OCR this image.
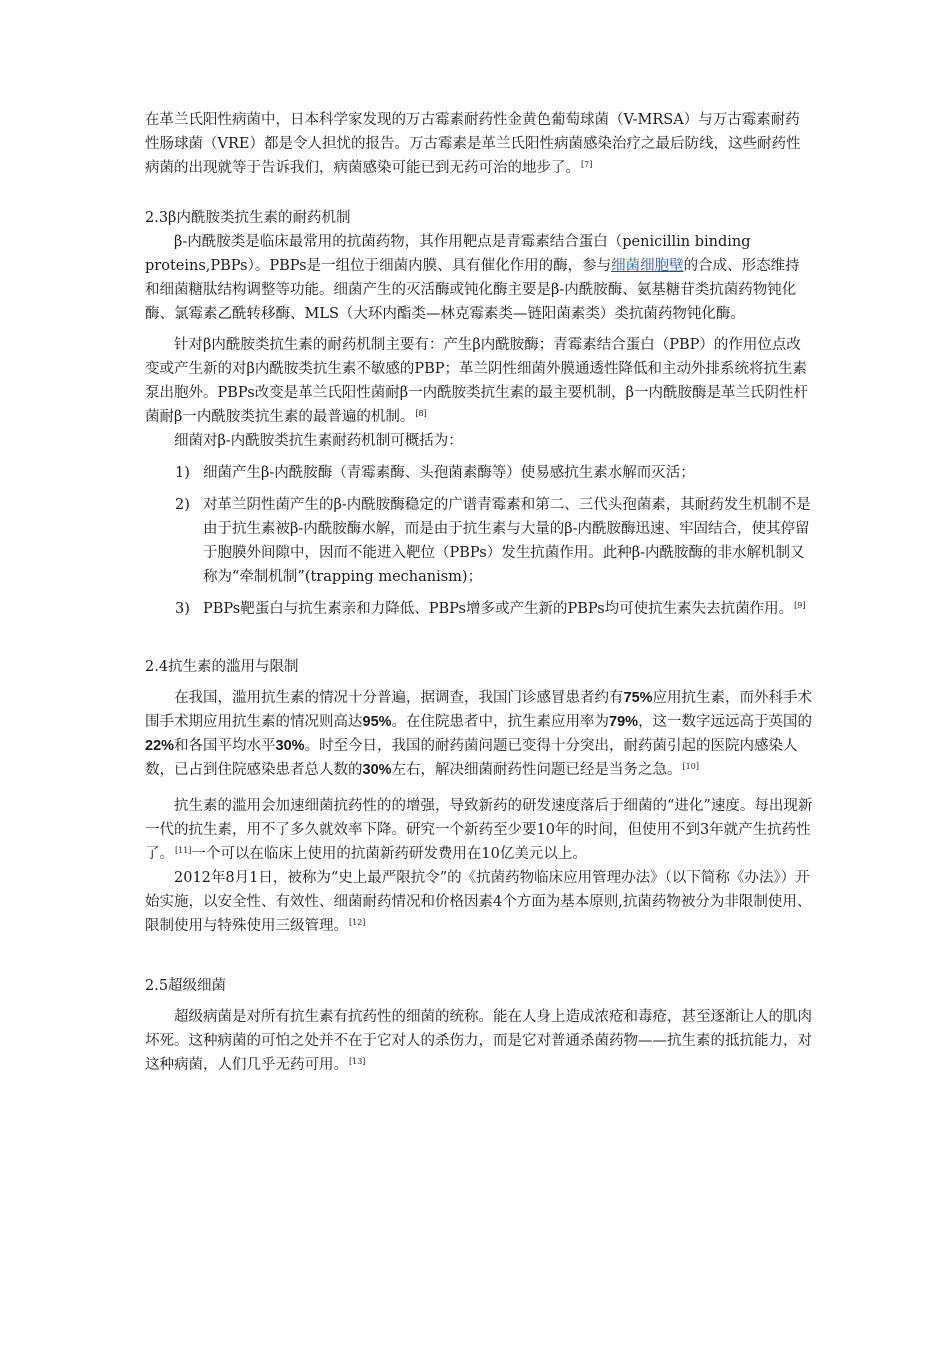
在革兰氏阳性病菌中，日本科学家发现的万古霉素耐药性金黄色葡萄球菌（V-MRSA）与万古霉素耐药性肠球菌（VRE）都是令人担忧的报告。万古霉素是革兰氏阳性病菌感染治疗之最后防线，这些耐药性病菌的出现就等于告诉我们，病菌感染可能已到无药可治的地步了。[7]

2.3β内酰胺类抗生素的耐药机制

β-内酰胺类是临床最常用的抗菌药物，其作用靶点是青霉素结合蛋白（penicillin binding proteins,PBPs）。PBPs是一组位于细菌内膜、具有催化作用的酶，参与细菌细胞壁的合成、形态维持和细菌糖肽结构调整等功能。细菌产生的灭活酶或钝化酶主要是β-内酰胺酶、氨基糖苷类抗菌药物钝化酶、氯霉素乙酰转移酶、MLS（大环内酯类—林克霉素类—链阳菌素类）类抗菌药物钝化酶。

针对β内酰胺类抗生素的耐药机制主要有：产生β内酰胺酶；青霉素结合蛋白（PBP）的作用位点改变或产生新的对β内酰胺类抗生素不敏感的PBP；革兰阴性细菌外膜通透性降低和主动外排系统将抗生素泵出胞外。PBPs改变是革兰氏阳性菌耐β一内酰胺类抗生素的最主要机制，β一内酰胺酶是革兰氏阴性杆菌耐β一内酰胺类抗生素的最普遍的机制。[8]

细菌对β-内酰胺类抗生素耐药机制可概括为：

1) 细菌产生β-内酰胺酶（青霉素酶、头孢菌素酶等）使易感抗生素水解而灭活；
2) 对革兰阴性菌产生的β-内酰胺酶稳定的广谱青霉素和第二、三代头孢菌素，其耐药发生机制不是由于抗生素被β-内酰胺酶水解，而是由于抗生素与大量的β-内酰胺酶迅速、牢固结合，使其停留于胞膜外间隙中，因而不能进入靶位（PBPs）发生抗菌作用。此种β-内酰胺酶的非水解机制又称为“牵制机制”(trapping mechanism)；
3) PBPs靶蛋白与抗生素亲和力降低、PBPs增多或产生新的PBPs均可使抗生素失去抗菌作用。[9]

2.4抗生素的滥用与限制

在我国，滥用抗生素的情况十分普遍，据调查，我国门诊感冒患者约有75%应用抗生素，而外科手术围手术期应用抗生素的情况则高达95%。在住院患者中，抗生素应用率为79%，这一数字远远高于英国的22%和各国平均水平30%。时至今日，我国的耐药菌问题已变得十分突出，耐药菌引起的医院内感染人数，已占到住院感染患者总人数的30%左右，解决细菌耐药性问题已经是当务之急。[10]

抗生素的滥用会加速细菌抗药性的的增强，导致新药的研发速度落后于细菌的“进化”速度。每出现新一代的抗生素，用不了多久就效率下降。研究一个新药至少要10年的时间，但使用不到3年就产生抗药性了。[11]一个可以在临床上使用的抗菌新药研发费用在10亿美元以上。

2012年8月1日，被称为“史上最严限抗令”的《抗菌药物临床应用管理办法》（以下简称《办法》）开始实施，以安全性、有效性、细菌耐药情况和价格因素4个方面为基本原则,抗菌药物被分为非限制使用、限制使用与特殊使用三级管理。[12]

2.5超级细菌

超级病菌是对所有抗生素有抗药性的细菌的统称。能在人身上造成浓疮和毒疮，甚至逐渐让人的肌肉坏死。这种病菌的可怕之处并不在于它对人的杀伤力，而是它对普通杀菌药物——抗生素的抵抗能力，对这种病菌，人们几乎无药可用。[13]
